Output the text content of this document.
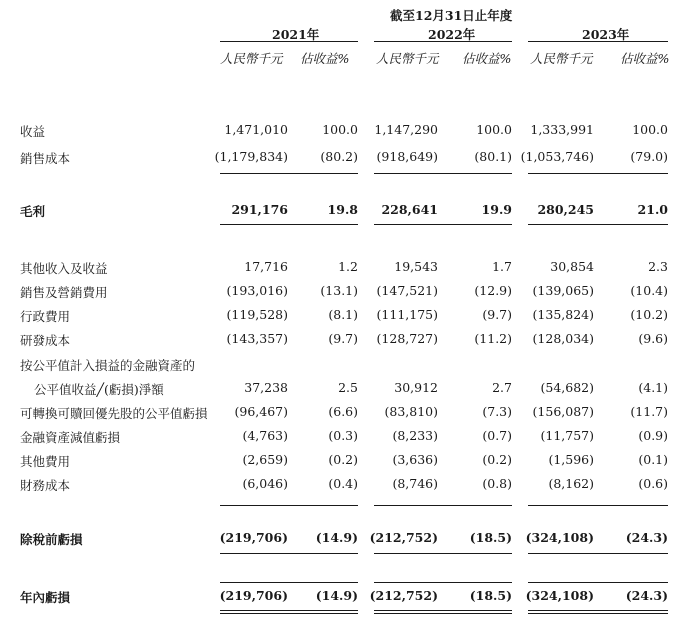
截至12月31日止年度
2021年	2022年	2023年
人民幣千元 佔收益% 人民幣千元 佔收益% 人民幣千元 佔收益%
收益	1,471,010	100.0 1,147,290	100.0 1,333,991	100.0
銷售成本	(1,179,834)	(80.2) (918,649)	(80.1) (1,053,746)	(79.0)
毛利	291,176	19.8 228,641	19.9 280,245	21.0
其他收入及收益	17,716	1.2	19,543	1.7	30,854	2.3
銷售及營銷費用	(193,016)	(13.1) (147,521)	(12.9) (139,065)	(10.4)
行政費用	(119,528)	(8.1) (111,175)	(9.7) (135,824)	(10.2)
研發成本	(143,357)	(9.7) (128,727)	(11.2) (128,034)	(9.6)
按公平值計入損益的金融資產的
公平值收益╱(虧損)淨額	37,238	2.5	30,912	2.7 (54,682)	(4.1)
可轉換可贖回優先股的公平值虧損 (96,467)	(6.6) (83,810)	(7.3) (156,087)	(11.7)
金融資產減值虧損	(4,763)	(0.3)	(8,233)	(0.7) (11,757)	(0.9)
其他費用	(2,659)	(0.2)	(3,636)	(0.2)	(1,596)	(0.1)
財務成本	(6,046)	(0.4)	(8,746)	(0.8)	(8,162)	(0.6)
除稅前虧損	(219,706) (14.9) (212,752)	(18.5) (324,108)	(24.3)
年內虧損	(219,706) (14.9) (212,752)	(18.5) (324,108)	(24.3)
